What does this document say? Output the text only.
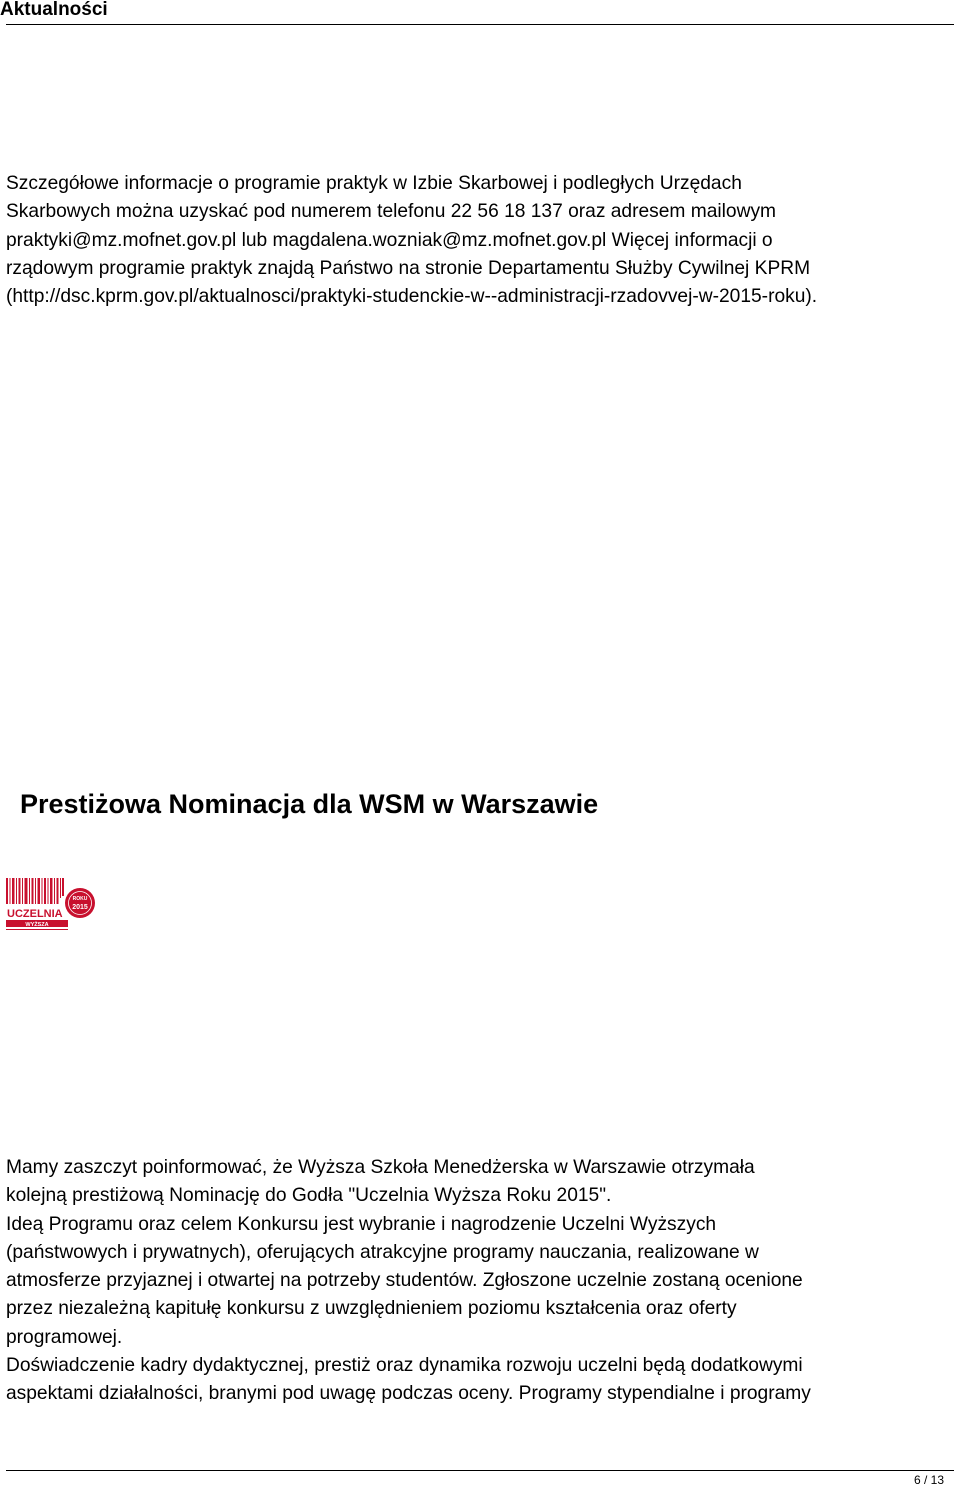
Aktualności
Szczegółowe informacje o programie praktyk w Izbie Skarbowej i podległych Urzędach
Skarbowych można uzyskać pod numerem telefonu 22 56 18 137 oraz adresem mailowym
praktyki@mz.mofnet.gov.pl lub magdalena.wozniak@mz.mofnet.gov.pl Więcej informacji o
rządowym programie praktyk znajdą Państwo na stronie Departamentu Służby Cywilnej KPRM
(http://dsc.kprm.gov.pl/aktualnosci/praktyki-studenckie-w--administracji-rzadovvej-w-2015-roku).
Prestiżowa Nominacja dla WSM w Warszawie
UCZELNIA
WYŻSZA
ROKU
2015
Mamy zaszczyt poinformować, że Wyższa Szkoła Menedżerska w Warszawie otrzymała
kolejną prestiżową Nominację do Godła "Uczelnia Wyższa Roku 2015".
Ideą Programu oraz celem Konkursu jest wybranie i nagrodzenie Uczelni Wyższych
(państwowych i prywatnych), oferujących atrakcyjne programy nauczania, realizowane w
atmosferze przyjaznej i otwartej na potrzeby studentów. Zgłoszone uczelnie zostaną ocenione
przez niezależną kapitułę konkursu z uwzględnieniem poziomu kształcenia oraz oferty
programowej.
Doświadczenie kadry dydaktycznej, prestiż oraz dynamika rozwoju uczelni będą dodatkowymi
aspektami działalności, branymi pod uwagę podczas oceny. Programy stypendialne i programy
6 / 13
